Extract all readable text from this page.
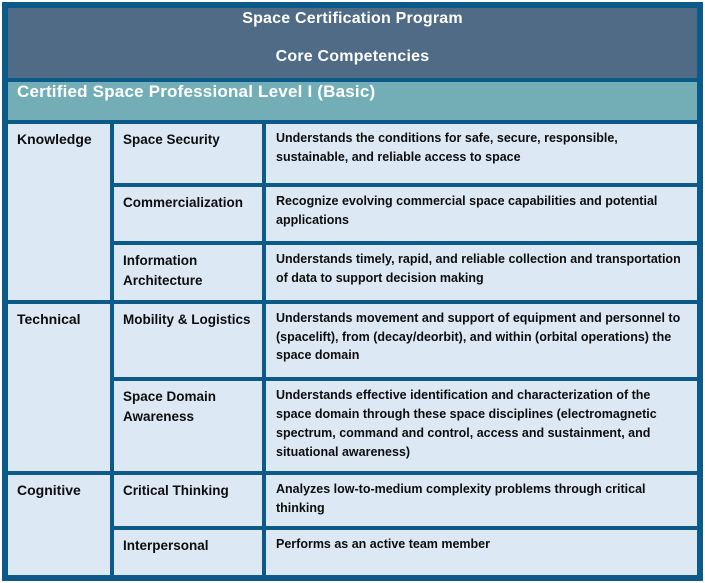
Space Certification Program
Core Competencies		

Certified Space Professional Level I (Basic)		
Knowledge	Space Security	Understands the conditions for safe, secure, responsible, sustainable, and reliable access to space
	Commercialization	Recognize evolving commercial space capabilities and potential applications
	Information Architecture	Understands timely, rapid, and reliable collection and transportation of data to support decision making
Technical	Mobility & Logistics	Understands movement and support of equipment and personnel to (spacelift), from (decay/deorbit), and within (orbital operations) the space domain
	Space Domain Awareness	Understands effective identification and characterization of the space domain through these space disciplines (electromagnetic spectrum, command and control, access and sustainment, and situational awareness)
Cognitive	Critical Thinking	Analyzes low-to-medium complexity problems through critical thinking
	Interpersonal	Performs as an active team member
